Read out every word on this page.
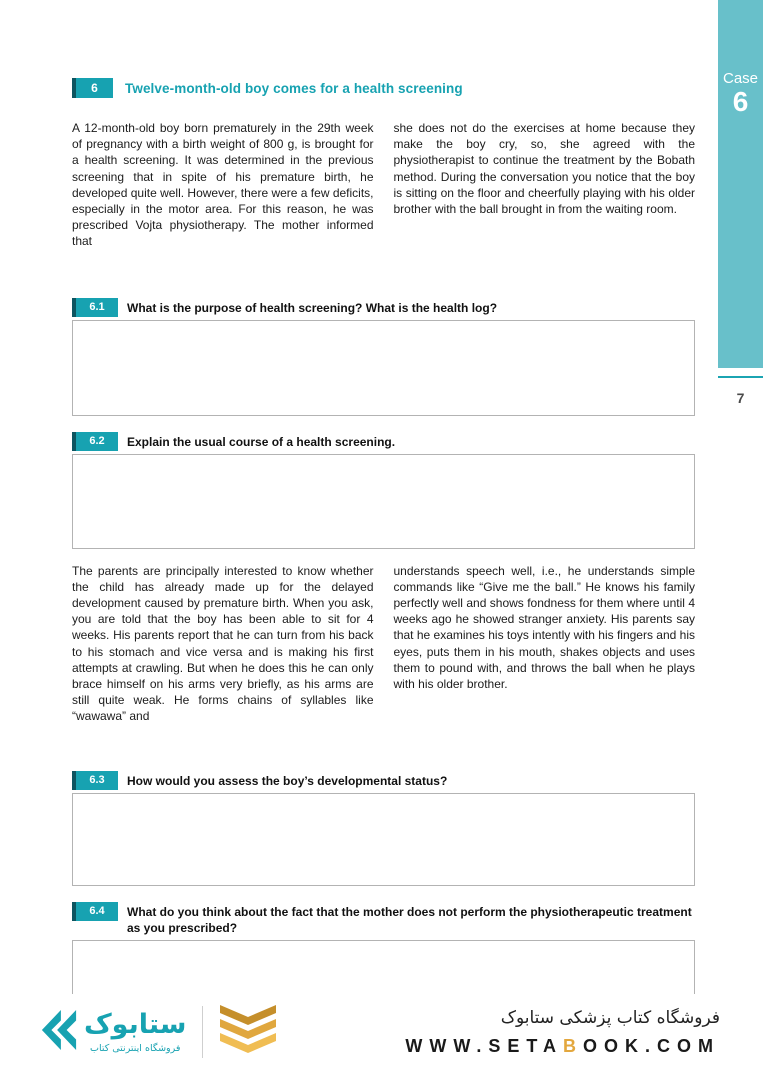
Case
6
7
6	Twelve-month-old boy comes for a health screening
A 12-month-old boy born prematurely in the 29th week of pregnancy with a birth weight of 800 g, is brought for a health screening. It was determined in the previous screening that in spite of his premature birth, he developed quite well. However, there were a few deficits, especially in the motor area. For this reason, he was prescribed Vojta physiotherapy. The mother informed that
she does not do the exercises at home because they make the boy cry, so, she agreed with the physiotherapist to continue the treatment by the Bobath method. During the conversation you notice that the boy is sitting on the floor and cheerfully playing with his older brother with the ball brought in from the waiting room.
6.1	What is the purpose of health screening? What is the health log?
6.2	Explain the usual course of a health screening.
The parents are principally interested to know whether the child has already made up for the delayed development caused by premature birth. When you ask, you are told that the boy has been able to sit for 4 weeks. His parents report that he can turn from his back to his stomach and vice versa and is making his first attempts at crawling. But when he does this he can only brace himself on his arms very briefly, as his arms are still quite weak. He forms chains of syllables like “wawawa” and
understands speech well, i.e., he understands simple commands like “Give me the ball.” He knows his family perfectly well and shows fondness for them where until 4 weeks ago he showed stranger anxiety. His parents say that he examines his toys intently with his fingers and his eyes, puts them in his mouth, shakes objects and uses them to pound with, and throws the ball when he plays with his older brother.
6.3	How would you assess the boy’s developmental status?
6.4	What do you think about the fact that the mother does not perform the physiotherapeutic treatment as you prescribed?
ستابوک
فروشگاه اینترنتی کتاب
فروشگاه کتاب پزشکی ستابوک
WWW.SETABOOK.COM
